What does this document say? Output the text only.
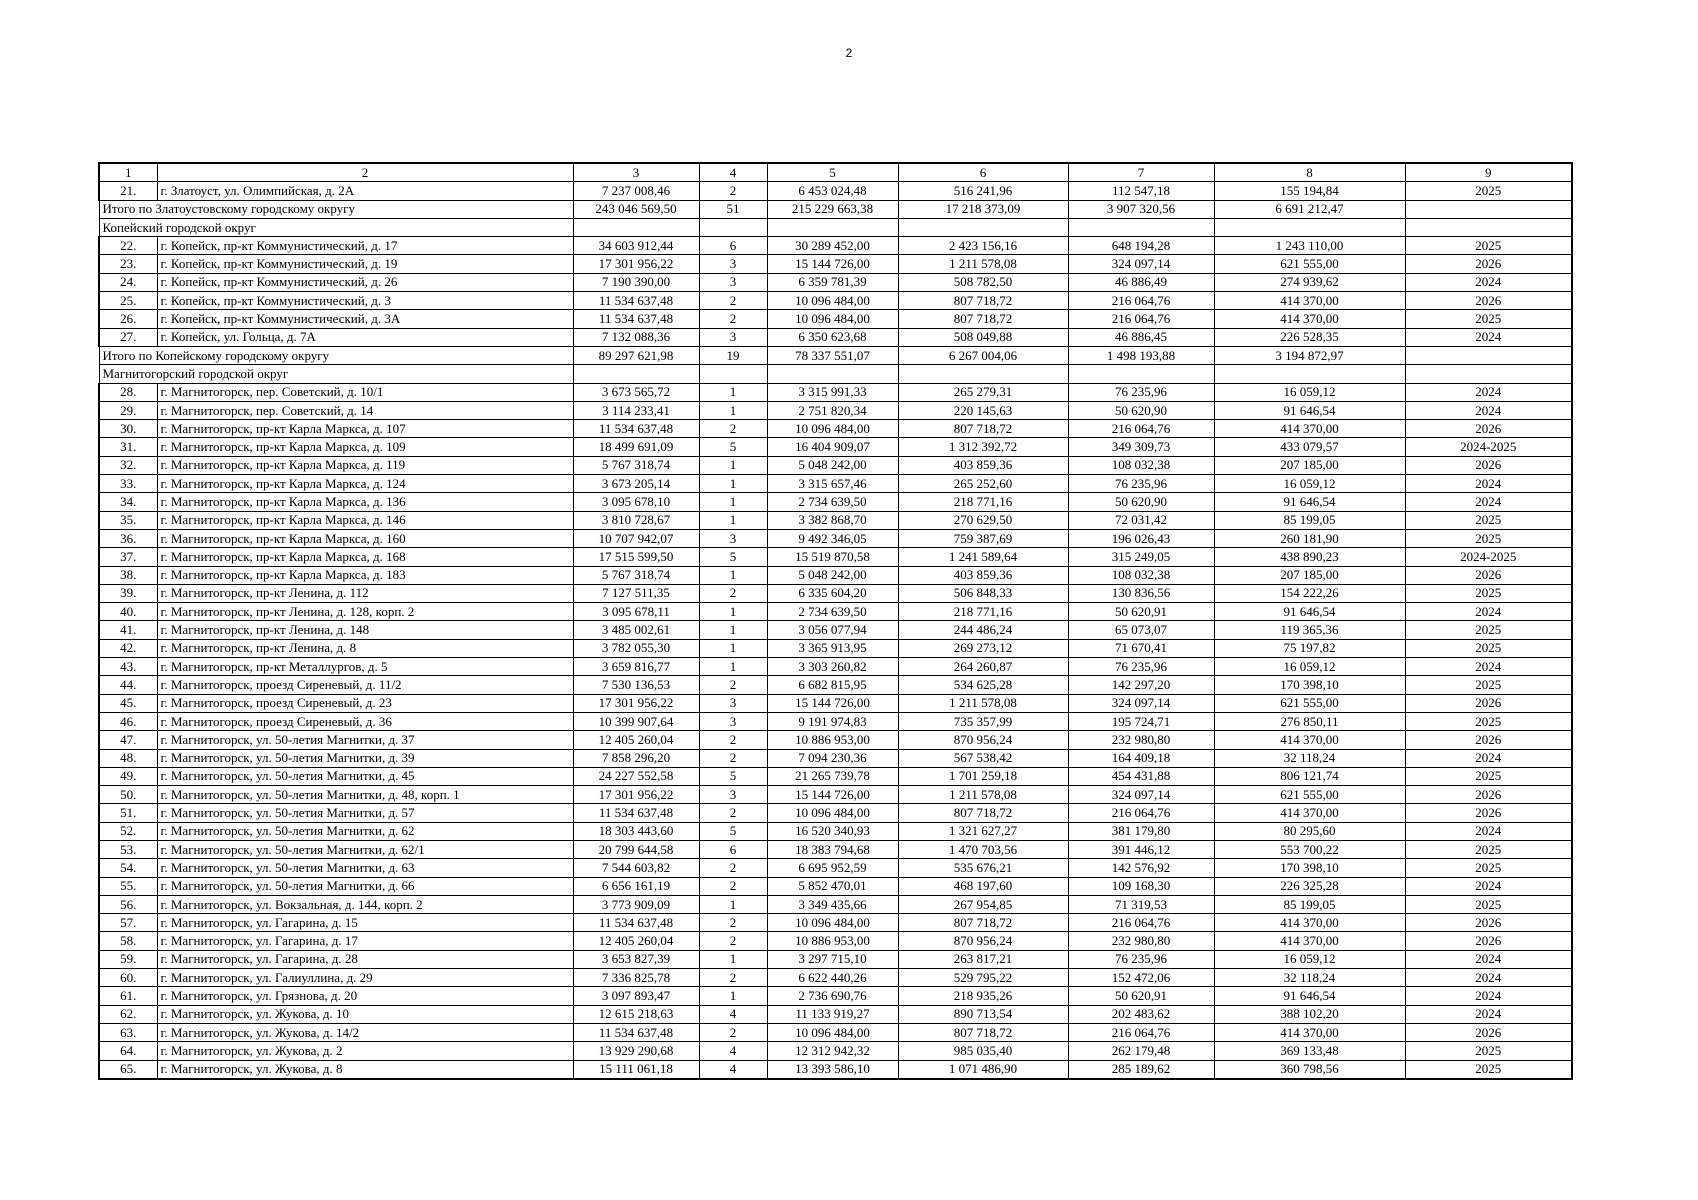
2
1	2	3	4	5	6	7	8	9
21.	г. Златоуст, ул. Олимпийская, д. 2А	7 237 008,46	2	6 453 024,48	516 241,96	112 547,18	155 194,84	2025
Итого по Златоустовскому городскому округу		243 046 569,50	51	215 229 663,38	17 218 373,09	3 907 320,56	6 691 212,47	
Копейский городской округ								
22.	г. Копейск, пр-кт Коммунистический, д. 17	34 603 912,44	6	30 289 452,00	2 423 156,16	648 194,28	1 243 110,00	2025
23.	г. Копейск, пр-кт Коммунистический, д. 19	17 301 956,22	3	15 144 726,00	1 211 578,08	324 097,14	621 555,00	2026
24.	г. Копейск, пр-кт Коммунистический, д. 26	7 190 390,00	3	6 359 781,39	508 782,50	46 886,49	274 939,62	2024
25.	г. Копейск, пр-кт Коммунистический, д. 3	11 534 637,48	2	10 096 484,00	807 718,72	216 064,76	414 370,00	2026
26.	г. Копейск, пр-кт Коммунистический, д. 3А	11 534 637,48	2	10 096 484,00	807 718,72	216 064,76	414 370,00	2025
27.	г. Копейск, ул. Гольца, д. 7А	7 132 088,36	3	6 350 623,68	508 049,88	46 886,45	226 528,35	2024
Итого по Копейскому городскому округу		89 297 621,98	19	78 337 551,07	6 267 004,06	1 498 193,88	3 194 872,97	
Магнитогорский городской округ								
28.	г. Магнитогорск, пер. Советский, д. 10/1	3 673 565,72	1	3 315 991,33	265 279,31	76 235,96	16 059,12	2024
29.	г. Магнитогорск, пер. Советский, д. 14	3 114 233,41	1	2 751 820,34	220 145,63	50 620,90	91 646,54	2024
30.	г. Магнитогорск, пр-кт Карла Маркса, д. 107	11 534 637,48	2	10 096 484,00	807 718,72	216 064,76	414 370,00	2026
31.	г. Магнитогорск, пр-кт Карла Маркса, д. 109	18 499 691,09	5	16 404 909,07	1 312 392,72	349 309,73	433 079,57	2024-2025
32.	г. Магнитогорск, пр-кт Карла Маркса, д. 119	5 767 318,74	1	5 048 242,00	403 859,36	108 032,38	207 185,00	2026
33.	г. Магнитогорск, пр-кт Карла Маркса, д. 124	3 673 205,14	1	3 315 657,46	265 252,60	76 235,96	16 059,12	2024
34.	г. Магнитогорск, пр-кт Карла Маркса, д. 136	3 095 678,10	1	2 734 639,50	218 771,16	50 620,90	91 646,54	2024
35.	г. Магнитогорск, пр-кт Карла Маркса, д. 146	3 810 728,67	1	3 382 868,70	270 629,50	72 031,42	85 199,05	2025
36.	г. Магнитогорск, пр-кт Карла Маркса, д. 160	10 707 942,07	3	9 492 346,05	759 387,69	196 026,43	260 181,90	2025
37.	г. Магнитогорск, пр-кт Карла Маркса, д. 168	17 515 599,50	5	15 519 870,58	1 241 589,64	315 249,05	438 890,23	2024-2025
38.	г. Магнитогорск, пр-кт Карла Маркса, д. 183	5 767 318,74	1	5 048 242,00	403 859,36	108 032,38	207 185,00	2026
39.	г. Магнитогорск, пр-кт Ленина, д. 112	7 127 511,35	2	6 335 604,20	506 848,33	130 836,56	154 222,26	2025
40.	г. Магнитогорск, пр-кт Ленина, д. 128, корп. 2	3 095 678,11	1	2 734 639,50	218 771,16	50 620,91	91 646,54	2024
41.	г. Магнитогорск, пр-кт Ленина, д. 148	3 485 002,61	1	3 056 077,94	244 486,24	65 073,07	119 365,36	2025
42.	г. Магнитогорск, пр-кт Ленина, д. 8	3 782 055,30	1	3 365 913,95	269 273,12	71 670,41	75 197,82	2025
43.	г. Магнитогорск, пр-кт Металлургов, д. 5	3 659 816,77	1	3 303 260,82	264 260,87	76 235,96	16 059,12	2024
44.	г. Магнитогорск, проезд Сиреневый, д. 11/2	7 530 136,53	2	6 682 815,95	534 625,28	142 297,20	170 398,10	2025
45.	г. Магнитогорск, проезд Сиреневый, д. 23	17 301 956,22	3	15 144 726,00	1 211 578,08	324 097,14	621 555,00	2026
46.	г. Магнитогорск, проезд Сиреневый, д. 36	10 399 907,64	3	9 191 974,83	735 357,99	195 724,71	276 850,11	2025
47.	г. Магнитогорск, ул. 50-летия Магнитки, д. 37	12 405 260,04	2	10 886 953,00	870 956,24	232 980,80	414 370,00	2026
48.	г. Магнитогорск, ул. 50-летия Магнитки, д. 39	7 858 296,20	2	7 094 230,36	567 538,42	164 409,18	32 118,24	2024
49.	г. Магнитогорск, ул. 50-летия Магнитки, д. 45	24 227 552,58	5	21 265 739,78	1 701 259,18	454 431,88	806 121,74	2025
50.	г. Магнитогорск, ул. 50-летия Магнитки, д. 48, корп. 1	17 301 956,22	3	15 144 726,00	1 211 578,08	324 097,14	621 555,00	2026
51.	г. Магнитогорск, ул. 50-летия Магнитки, д. 57	11 534 637,48	2	10 096 484,00	807 718,72	216 064,76	414 370,00	2026
52.	г. Магнитогорск, ул. 50-летия Магнитки, д. 62	18 303 443,60	5	16 520 340,93	1 321 627,27	381 179,80	80 295,60	2024
53.	г. Магнитогорск, ул. 50-летия Магнитки, д. 62/1	20 799 644,58	6	18 383 794,68	1 470 703,56	391 446,12	553 700,22	2025
54.	г. Магнитогорск, ул. 50-летия Магнитки, д. 63	7 544 603,82	2	6 695 952,59	535 676,21	142 576,92	170 398,10	2025
55.	г. Магнитогорск, ул. 50-летия Магнитки, д. 66	6 656 161,19	2	5 852 470,01	468 197,60	109 168,30	226 325,28	2024
56.	г. Магнитогорск, ул. Вокзальная, д. 144, корп. 2	3 773 909,09	1	3 349 435,66	267 954,85	71 319,53	85 199,05	2025
57.	г. Магнитогорск, ул. Гагарина, д. 15	11 534 637,48	2	10 096 484,00	807 718,72	216 064,76	414 370,00	2026
58.	г. Магнитогорск, ул. Гагарина, д. 17	12 405 260,04	2	10 886 953,00	870 956,24	232 980,80	414 370,00	2026
59.	г. Магнитогорск, ул. Гагарина, д. 28	3 653 827,39	1	3 297 715,10	263 817,21	76 235,96	16 059,12	2024
60.	г. Магнитогорск, ул. Галиуллина, д. 29	7 336 825,78	2	6 622 440,26	529 795,22	152 472,06	32 118,24	2024
61.	г. Магнитогорск, ул. Грязнова, д. 20	3 097 893,47	1	2 736 690,76	218 935,26	50 620,91	91 646,54	2024
62.	г. Магнитогорск, ул. Жукова, д. 10	12 615 218,63	4	11 133 919,27	890 713,54	202 483,62	388 102,20	2024
63.	г. Магнитогорск, ул. Жукова, д. 14/2	11 534 637,48	2	10 096 484,00	807 718,72	216 064,76	414 370,00	2026
64.	г. Магнитогорск, ул. Жукова, д. 2	13 929 290,68	4	12 312 942,32	985 035,40	262 179,48	369 133,48	2025
65.	г. Магнитогорск, ул. Жукова, д. 8	15 111 061,18	4	13 393 586,10	1 071 486,90	285 189,62	360 798,56	2025
